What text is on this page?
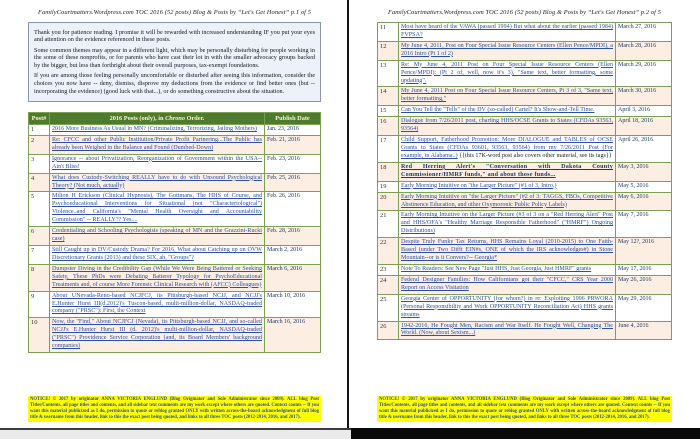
FamilyCourtmatters.Wordpress.com TOC 2016 (52 posts) Blog & Posts by “Let's Get Honest” p.1 of 5

Thank you for patience reading. I promise it will be rewarded with increased understanding IF you put your eyes and attention on the evidence referenced in these posts.

Some common themes may appear in a different light, which may be personally disturbing for people working in the some of these nonprofits, or for parents who have cast their lot in with the smaller advocacy groups backed by the bigger, but less than forthright about their overall purposes, tax-exempt foundations.

If you are among those feeling personally uncomfortable or disturbed after seeing this information, consider the choices you now have -- deny, dismiss, disprove my deductions from the evidence or find better ones (but -- incorporating the evidence) (good luck with that...), or do something constructive about the situation.

Post#	2016 Posts (only), in Chrono Order.	Publish Date
1	2016 More Business As Usual in MN? (Criminalizing, Terrorizing, Jailing Mothers)	Jan. 23, 2016
2	Re: CFCC and other Public Institution/Private Profit Partnering...The Public has already been Weighed in the Balance and Found (Dumbed-Down)	Feb. 21, 2016
3	Ignorance -- about Privatization, Reorganization of Government within the USA-- Ain't Bliss!	Feb. 23, 2016
4	What does Custody-Switching REALLY have to do with Unsound Psychological Theory? (Not much, actually)	Feb. 25, 2016
5	Milton H Erickson (Clinical Hypnosis), The Gottmans, The HHS of Course, and Psychoeducational Interventions for Situational (not "Characteriological") Violence..and California's "Mental Health Oversight and Accountability Commission" -- REALLY?? Yes....	Feb. 26, 2016
6	Credentialing and Schooling Psychologists (speaking of MN and the Grazzini-Rucki case)	Feb. 28, 2016
7	Still Caught up in DV/Custody Drama? For 2016, What about Catching up on OVW Discretionary Grants (2013) and these SIX, ah, "Groups"?	March 2, 2016
8	Dumpster Diving in the Credibility Gap (While We Were Being Battered or Seeking Safety, These PhDs were Debating Batterer Typology for PsychoEducational Treatments and, of course More Forensic Clinical Research with (AFCC) Colleagues)	March 6, 2016
9	About UNevada-Reno-based NCJFCJ, its Pittsburgh-based NCJJ, and NCJJ's E.Hunter Hurst III(d.2012)'s Tuscon-based, multi-million-dollar, NASDAQ-traded company ("PRSC"): First, the Context	March 10, 2016
10	Now, the "Find," About NCJFCJ (Nevada), its Pittsburgh-based NCJJ, and so-called NCJJ's E.Hunter Hurst III (d. 2012)'s multi-million-dollar, NASDAQ-traded ("PRSC") Providence Service Corporation (and, its Board Members' background companies)	March 16, 2016
NOTICE! © 2017 by originator ANNA VICTORIA ENGLUND (Blog Originator and Sole Administrator since 2009). ALL blog Post Titles/Contents, all page titles and contents, and all sidebar text comments are my work except where others are quoted. Context counts -- If you want this material publicized as I do, permission to quote or reblog granted ONLY with written across-the-board acknowledgment of full blog title & username from this header, link to this the exact post being quoted, and links to all three TOC posts (2012-2014, 2016, and 2017).
FamilyCourtmatters.Wordpress.com TOC 2016 (52 posts) Blog & Posts by “Let's Get Honest” p.2 of 5
11	Most have heard of the VAWA (passed 1994) But what about the earlier (passed 1984) FVPSA?	March 27, 2016
12	My June 4, 2011, Post on Four Special Issue Resource Centers (Ellen Pence/MPDI), a 2016 Intro (Pt 1 of 2)	March 28, 2016
13	Re: My June 4, 2011 Post on Four Special Issue Resource Centers (Ellen Pence/MPDI): (Pt 2 of, well, now it's 3), "Same text, better formatting, some updating".	March 29, 2016
14	My June 4, 2011 Post on Four Special Issue Resource Centers, Pt 3 of 3, "Same text, better formatting,"	March 30, 2016
15	Can You Tell the "Tells" of the DV (so-called) Cartel? It's Show-and-Tell Time.	April 3, 2016
16	Dialogue from 7/26/2011 post, charting HHS/OCSE Grants to States (CFDAs 93563, 93564)	April 18, 2016
17	Child Support, Fatherhood Promotion: More DIALOGUE and TABLES of OCSE Grants to States (CFDAs 93601, 93563, 93564) from my 7/26/2011 Post (For example, in Alabama..) {{this 17K-word post also covers other material, see its tags}}	April 26, 2016
18	Red Herring Alert's "Conversation with Dakota County Commissioner/HMRF funds," and about those funds...	May 3, 2016
19	Early Morning Intuitive on "the Larger Picture" (#1 of 3, Intro.)	May 5, 2016
20	Early Morning Intuitive on "the Larger Picture" (#2 of 3: TAGGS, FBOs, Competitive Abstinence Education, and other Oxymoronic Public Policy Labels)	May 6, 2016
21	Early Morning Intuitive on the Larger Picture (#3 of 3 on a "Red Herring Alert" Post and HHS/OFA's "Healthy Marriage Responsible Fatherhood" ("HMRF") Ongoing Distributions)	May 7, 2016
22	Despite Truly Funky Tax Returns, HHS Remains Loyal (2010-2015) to One Faith-Based (under Two Difft EIN#s, ONE of which the IRS acknowledges#) in Stone Mountain--or is it Convers?-- Georgia*	May 12?, 2016
23	Note To Readers: See New Page "Just HHS, Just Georgia, Just HMRF" grants	May 17, 2016
24	Federal Designer Families: How Californians got their "CFCC," CRS Year 2000 Report on Access Visitation	May 26, 2016
25	Georgia Center of OPPORTUNITY (for whom?) in re: Exploiting 1996 PRWORA (Personal Responsibility and Work OPPORTUNITY Reconciliation Act) HHS grants streams	May 29, 2016
26	1942-2016, He Fought Men, Racism and War Itself. He Fought Well, Changing The World. (Now, about Sexism...)	June 4, 2016
NOTICE! © 2017 by originator ANNA VICTORIA ENGLUND (Blog Originator and Sole Administrator since 2009). ALL blog Post Titles/Contents, all page titles and contents, and all sidebar text comments are my work except where others are quoted. Context counts -- If you want this material publicized as I do, permission to quote or reblog granted ONLY with written across-the-board acknowledgment of full blog title & username from this header, link to this the exact post being quoted, and links to all three TOC posts (2012-2014, 2016, and 2017).
